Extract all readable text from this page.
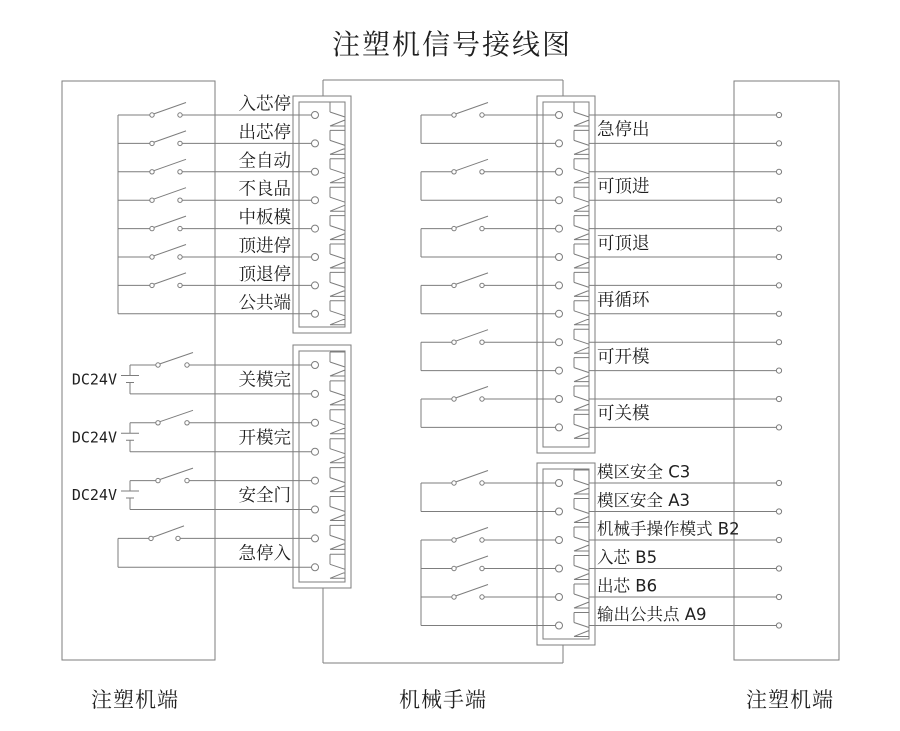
注塑机信号接线图
入芯停
出芯停
全自动
不良品
中板模
顶进停
顶退停
公共端
DC24V
DC24V
DC24V
关模完
开模完
安全门
急停入
急停出
可顶进
可顶退
再循环
可开模
可关模
模区安全 C3
模区安全 A3
机械手操作模式 B2
入芯 B5
出芯 B6
输出公共点 A9
注塑机端	机械手端	注塑机端
